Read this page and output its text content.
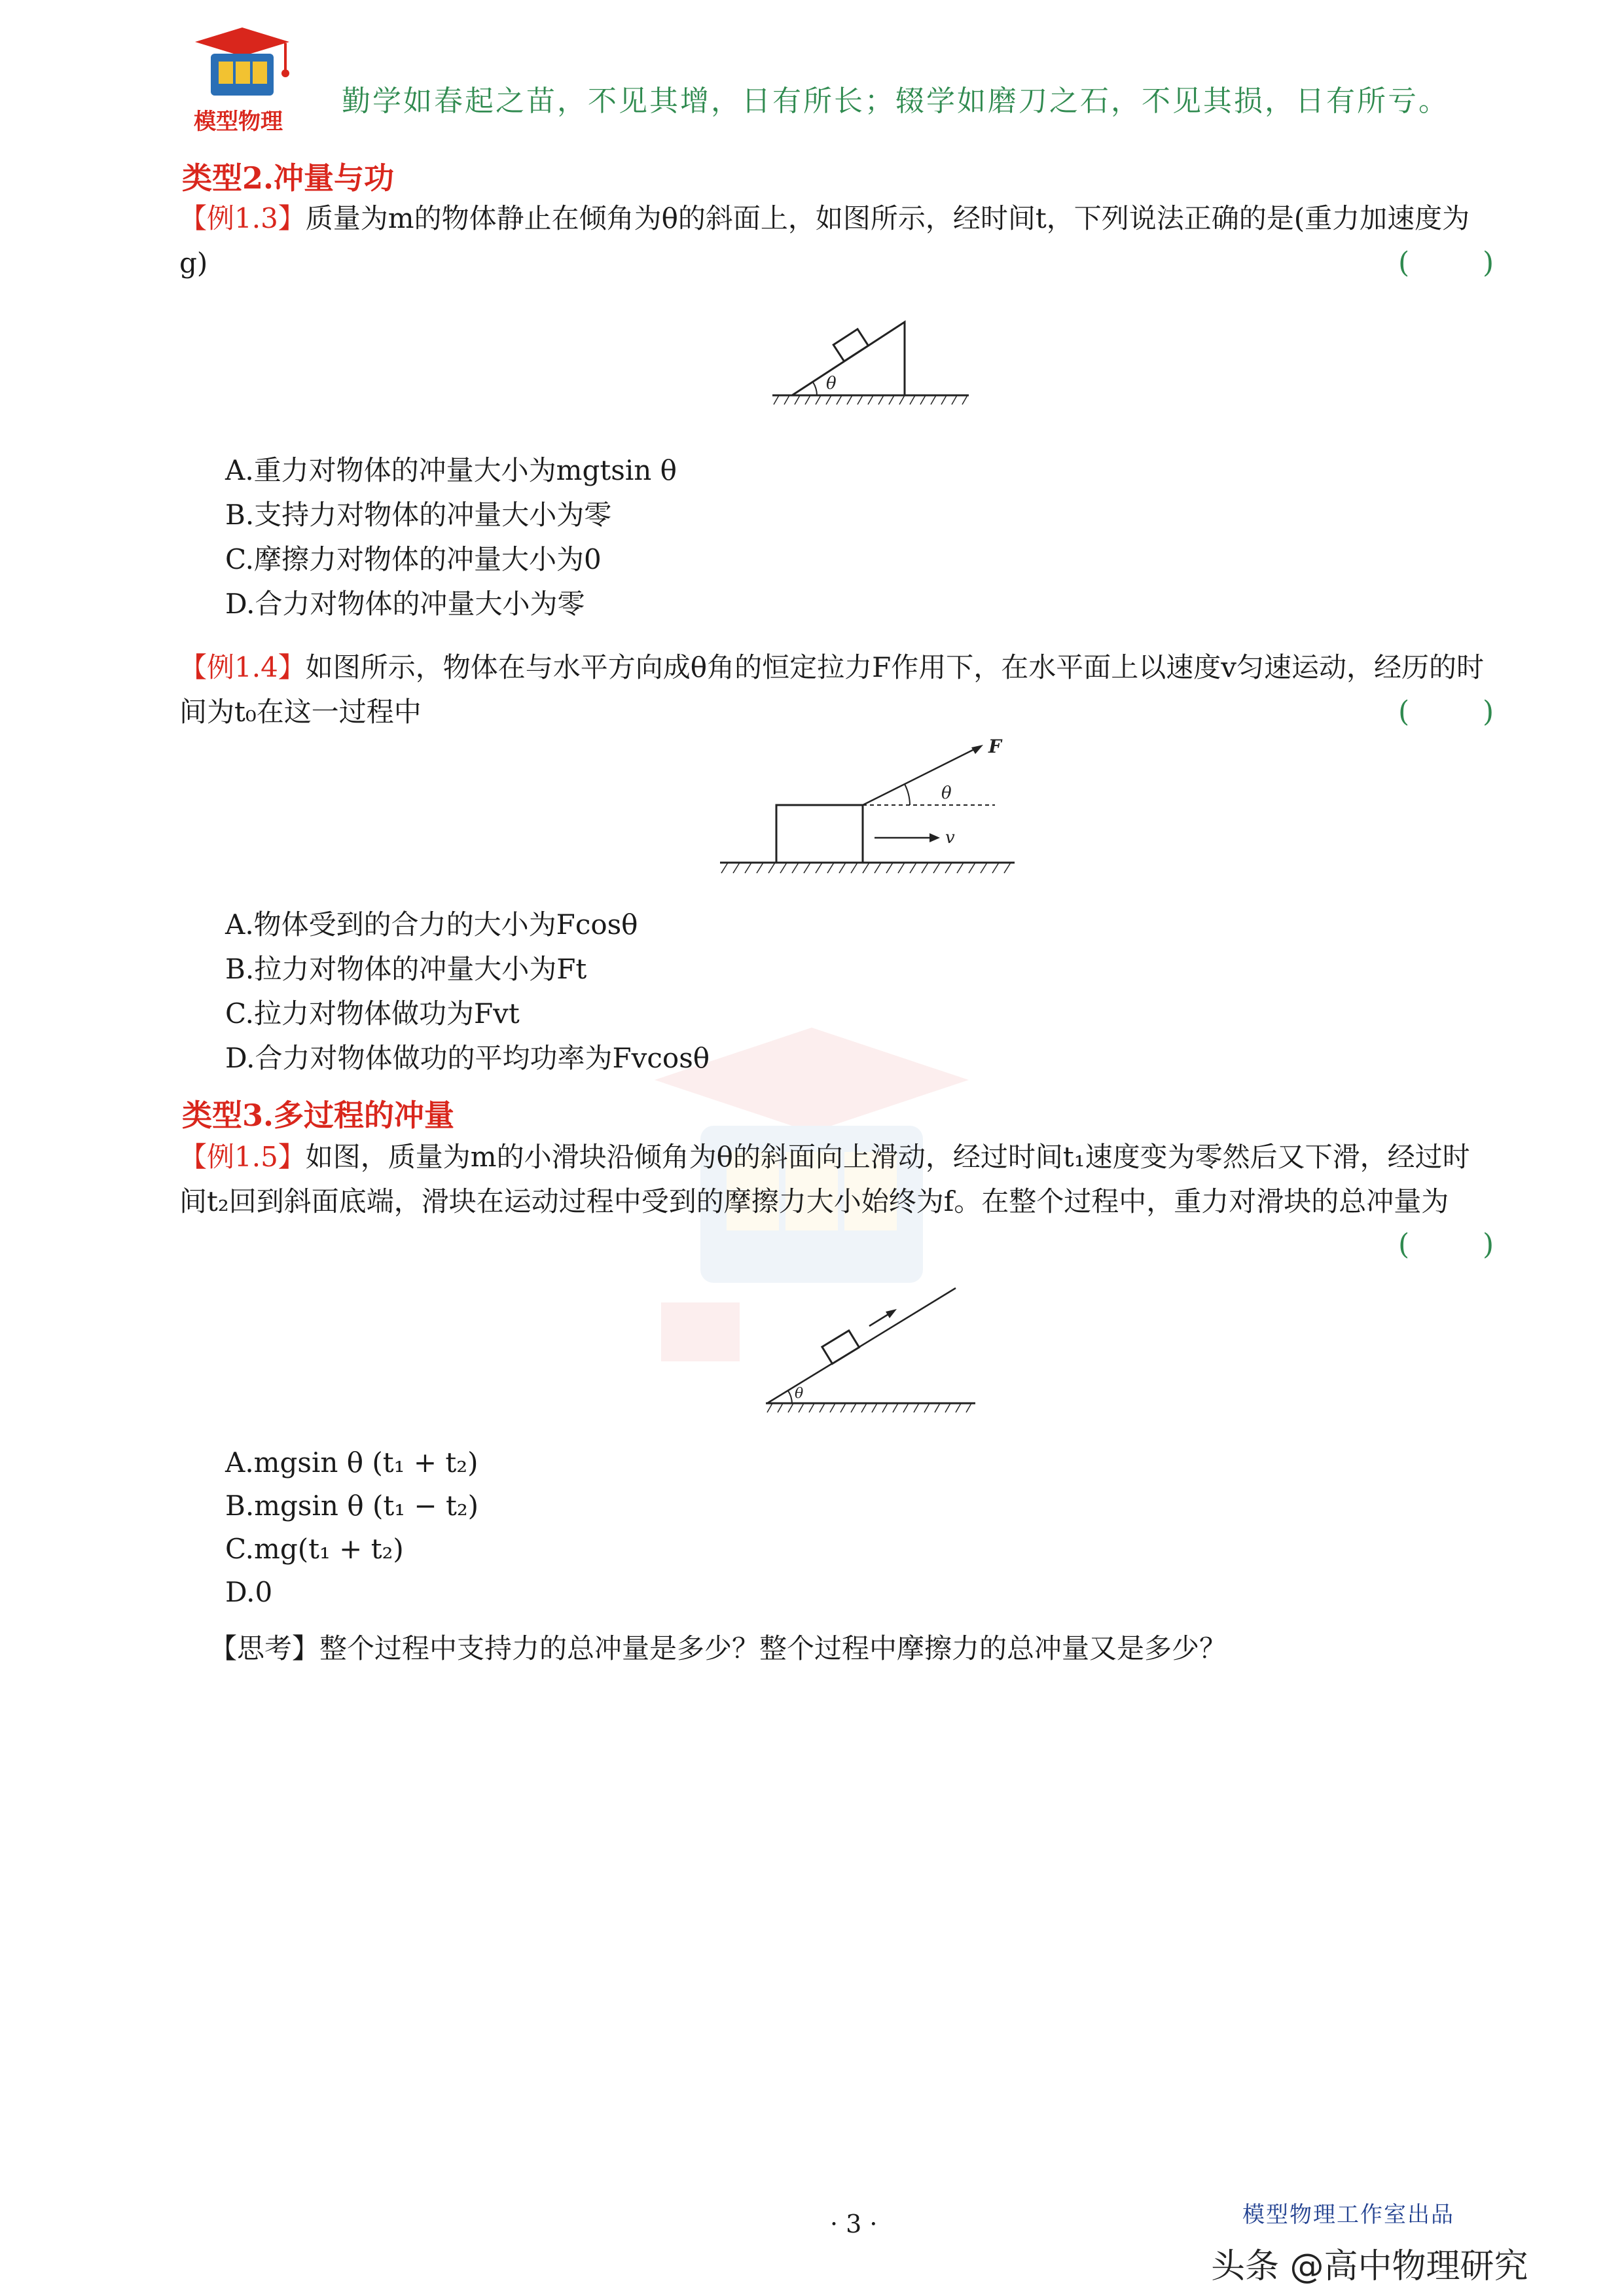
模型物理
勤学如春起之苗，不见其增，日有所长；辍学如磨刀之石，不见其损，日有所亏。
类型2.冲量与功
【例1.3】质量为m的物体静止在倾角为θ的斜面上，如图所示，经时间t，下列说法正确的是(重力加速度为
g)	(        )
θ
A.重力对物体的冲量大小为mgtsin θ
B.支持力对物体的冲量大小为零
C.摩擦力对物体的冲量大小为0
D.合力对物体的冲量大小为零
【例1.4】如图所示，物体在与水平方向成θ角的恒定拉力F作用下，在水平面上以速度v匀速运动，经历的时
间为t₀在这一过程中	(        )
F
θ
v
A.物体受到的合力的大小为Fcosθ
B.拉力对物体的冲量大小为Ft
C.拉力对物体做功为Fvt
D.合力对物体做功的平均功率为Fvcosθ
类型3.多过程的冲量
【例1.5】如图，质量为m的小滑块沿倾角为θ的斜面向上滑动，经过时间t₁速度变为零然后又下滑，经过时
间t₂回到斜面底端，滑块在运动过程中受到的摩擦力大小始终为f。在整个过程中，重力对滑块的总冲量为
(        )
θ
A.mgsin θ (t₁ + t₂)
B.mgsin θ (t₁ − t₂)
C.mg(t₁ + t₂)
D.0
【思考】整个过程中支持力的总冲量是多少？整个过程中摩擦力的总冲量又是多少？
· 3 ·	模型物理工作室出品
头条 @高中物理研究
